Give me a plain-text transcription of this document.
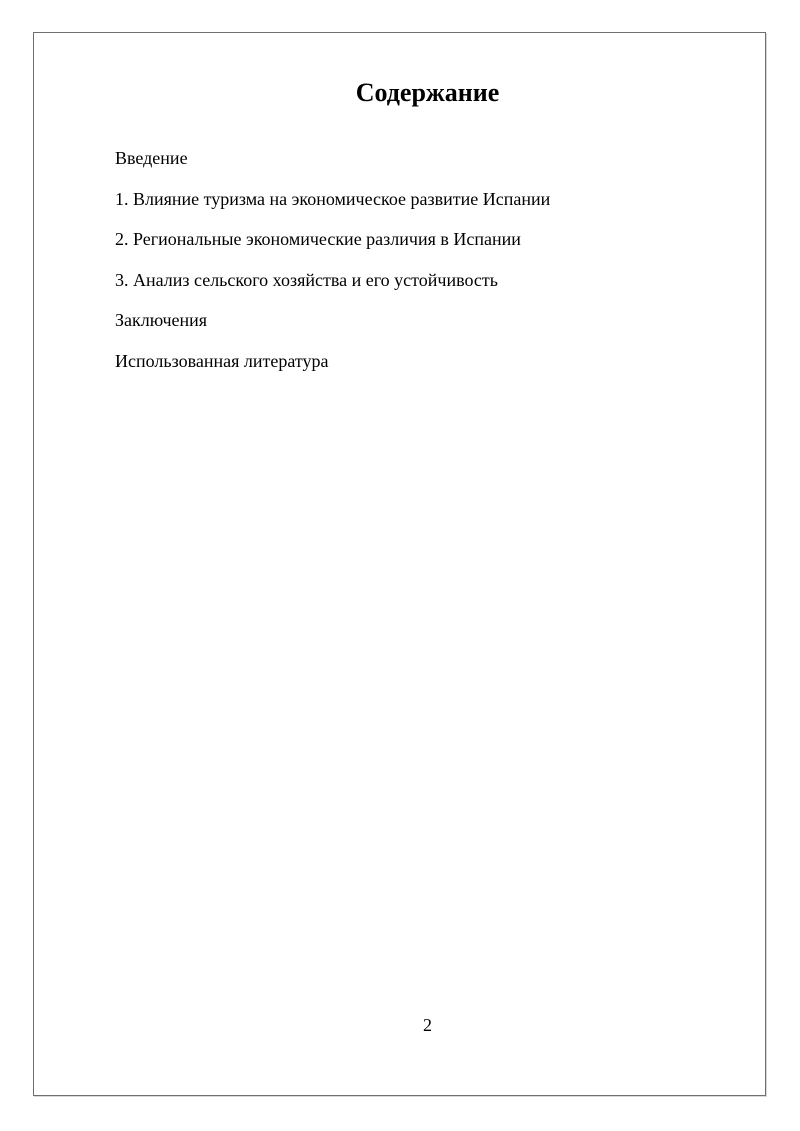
Содержание
Введение
1. Влияние туризма на экономическое развитие Испании
2. Региональные экономические различия в Испании
3. Анализ сельского хозяйства и его устойчивость
Заключения
Использованная литература
2
